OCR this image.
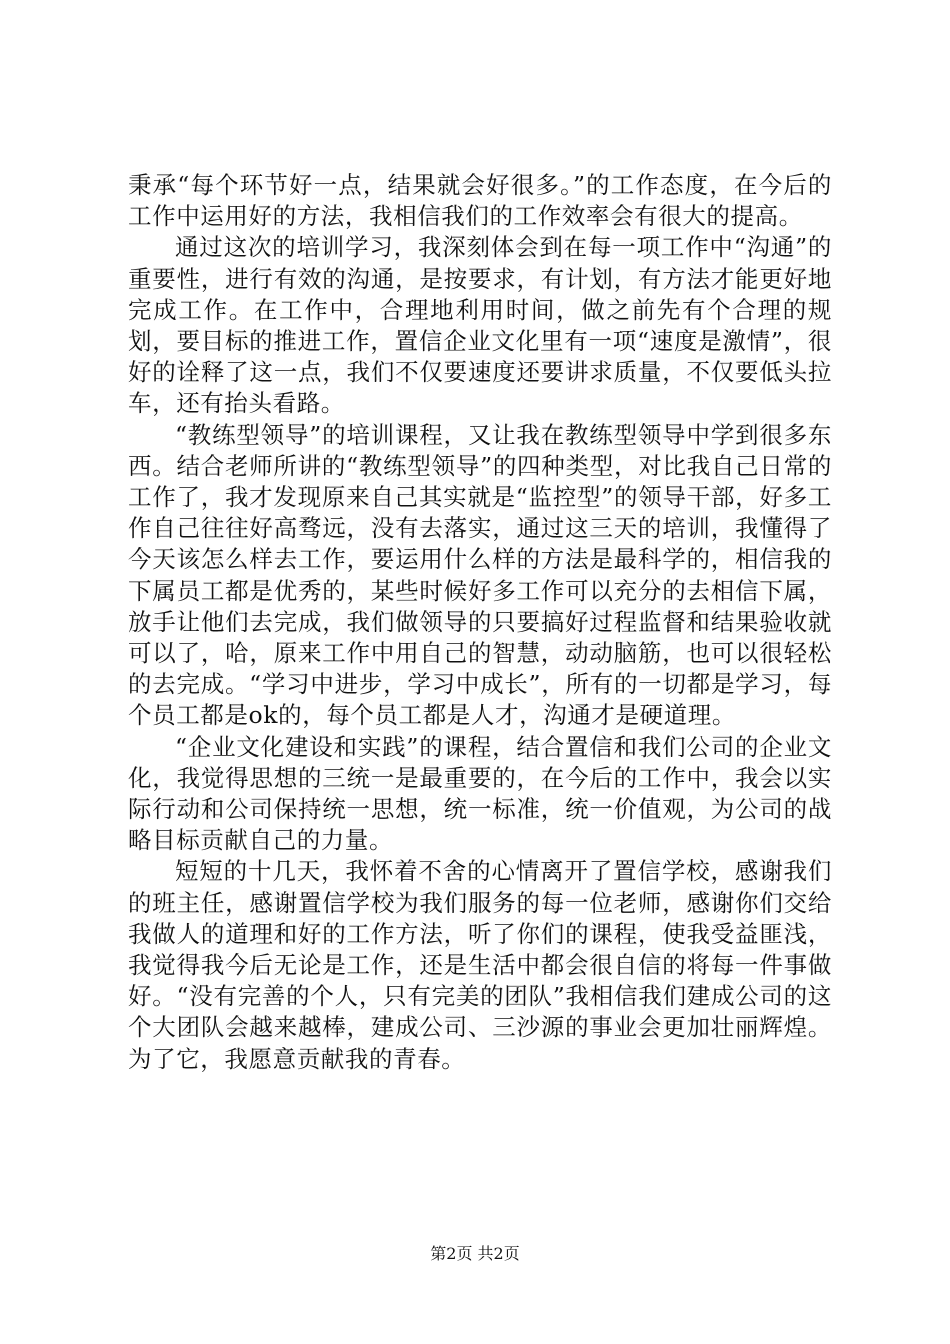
秉承“每个环节好一点，结果就会好很多。”的工作态度，在今后的工作中运用好的方法，我相信我们的工作效率会有很大的提高。

通过这次的培训学习，我深刻体会到在每一项工作中“沟通”的重要性，进行有效的沟通，是按要求，有计划，有方法才能更好地完成工作。在工作中，合理地利用时间，做之前先有个合理的规划，要目标的推进工作，置信企业文化里有一项“速度是激情”，很好的诠释了这一点，我们不仅要速度还要讲求质量，不仅要低头拉车，还有抬头看路。

“教练型领导”的培训课程，又让我在教练型领导中学到很多东西。结合老师所讲的“教练型领导”的四种类型，对比我自己日常的工作了，我才发现原来自己其实就是“监控型”的领导干部，好多工作自己往往好高骛远，没有去落实，通过这三天的培训，我懂得了今天该怎么样去工作，要运用什么样的方法是最科学的，相信我的下属员工都是优秀的，某些时候好多工作可以充分的去相信下属，放手让他们去完成，我们做领导的只要搞好过程监督和结果验收就可以了，哈，原来工作中用自己的智慧，动动脑筋，也可以很轻松的去完成。“学习中进步，学习中成长”，所有的一切都是学习，每个员工都是ok的，每个员工都是人才，沟通才是硬道理。

“企业文化建设和实践”的课程，结合置信和我们公司的企业文化，我觉得思想的三统一是最重要的，在今后的工作中，我会以实际行动和公司保持统一思想，统一标准，统一价值观，为公司的战略目标贡献自己的力量。

短短的十几天，我怀着不舍的心情离开了置信学校，感谢我们的班主任，感谢置信学校为我们服务的每一位老师，感谢你们交给我做人的道理和好的工作方法，听了你们的课程，使我受益匪浅，我觉得我今后无论是工作，还是生活中都会很自信的将每一件事做好。“没有完善的个人，只有完美的团队”我相信我们建成公司的这个大团队会越来越棒，建成公司、三沙源的事业会更加壮丽辉煌。为了它，我愿意贡献我的青春。

第2页 共2页
